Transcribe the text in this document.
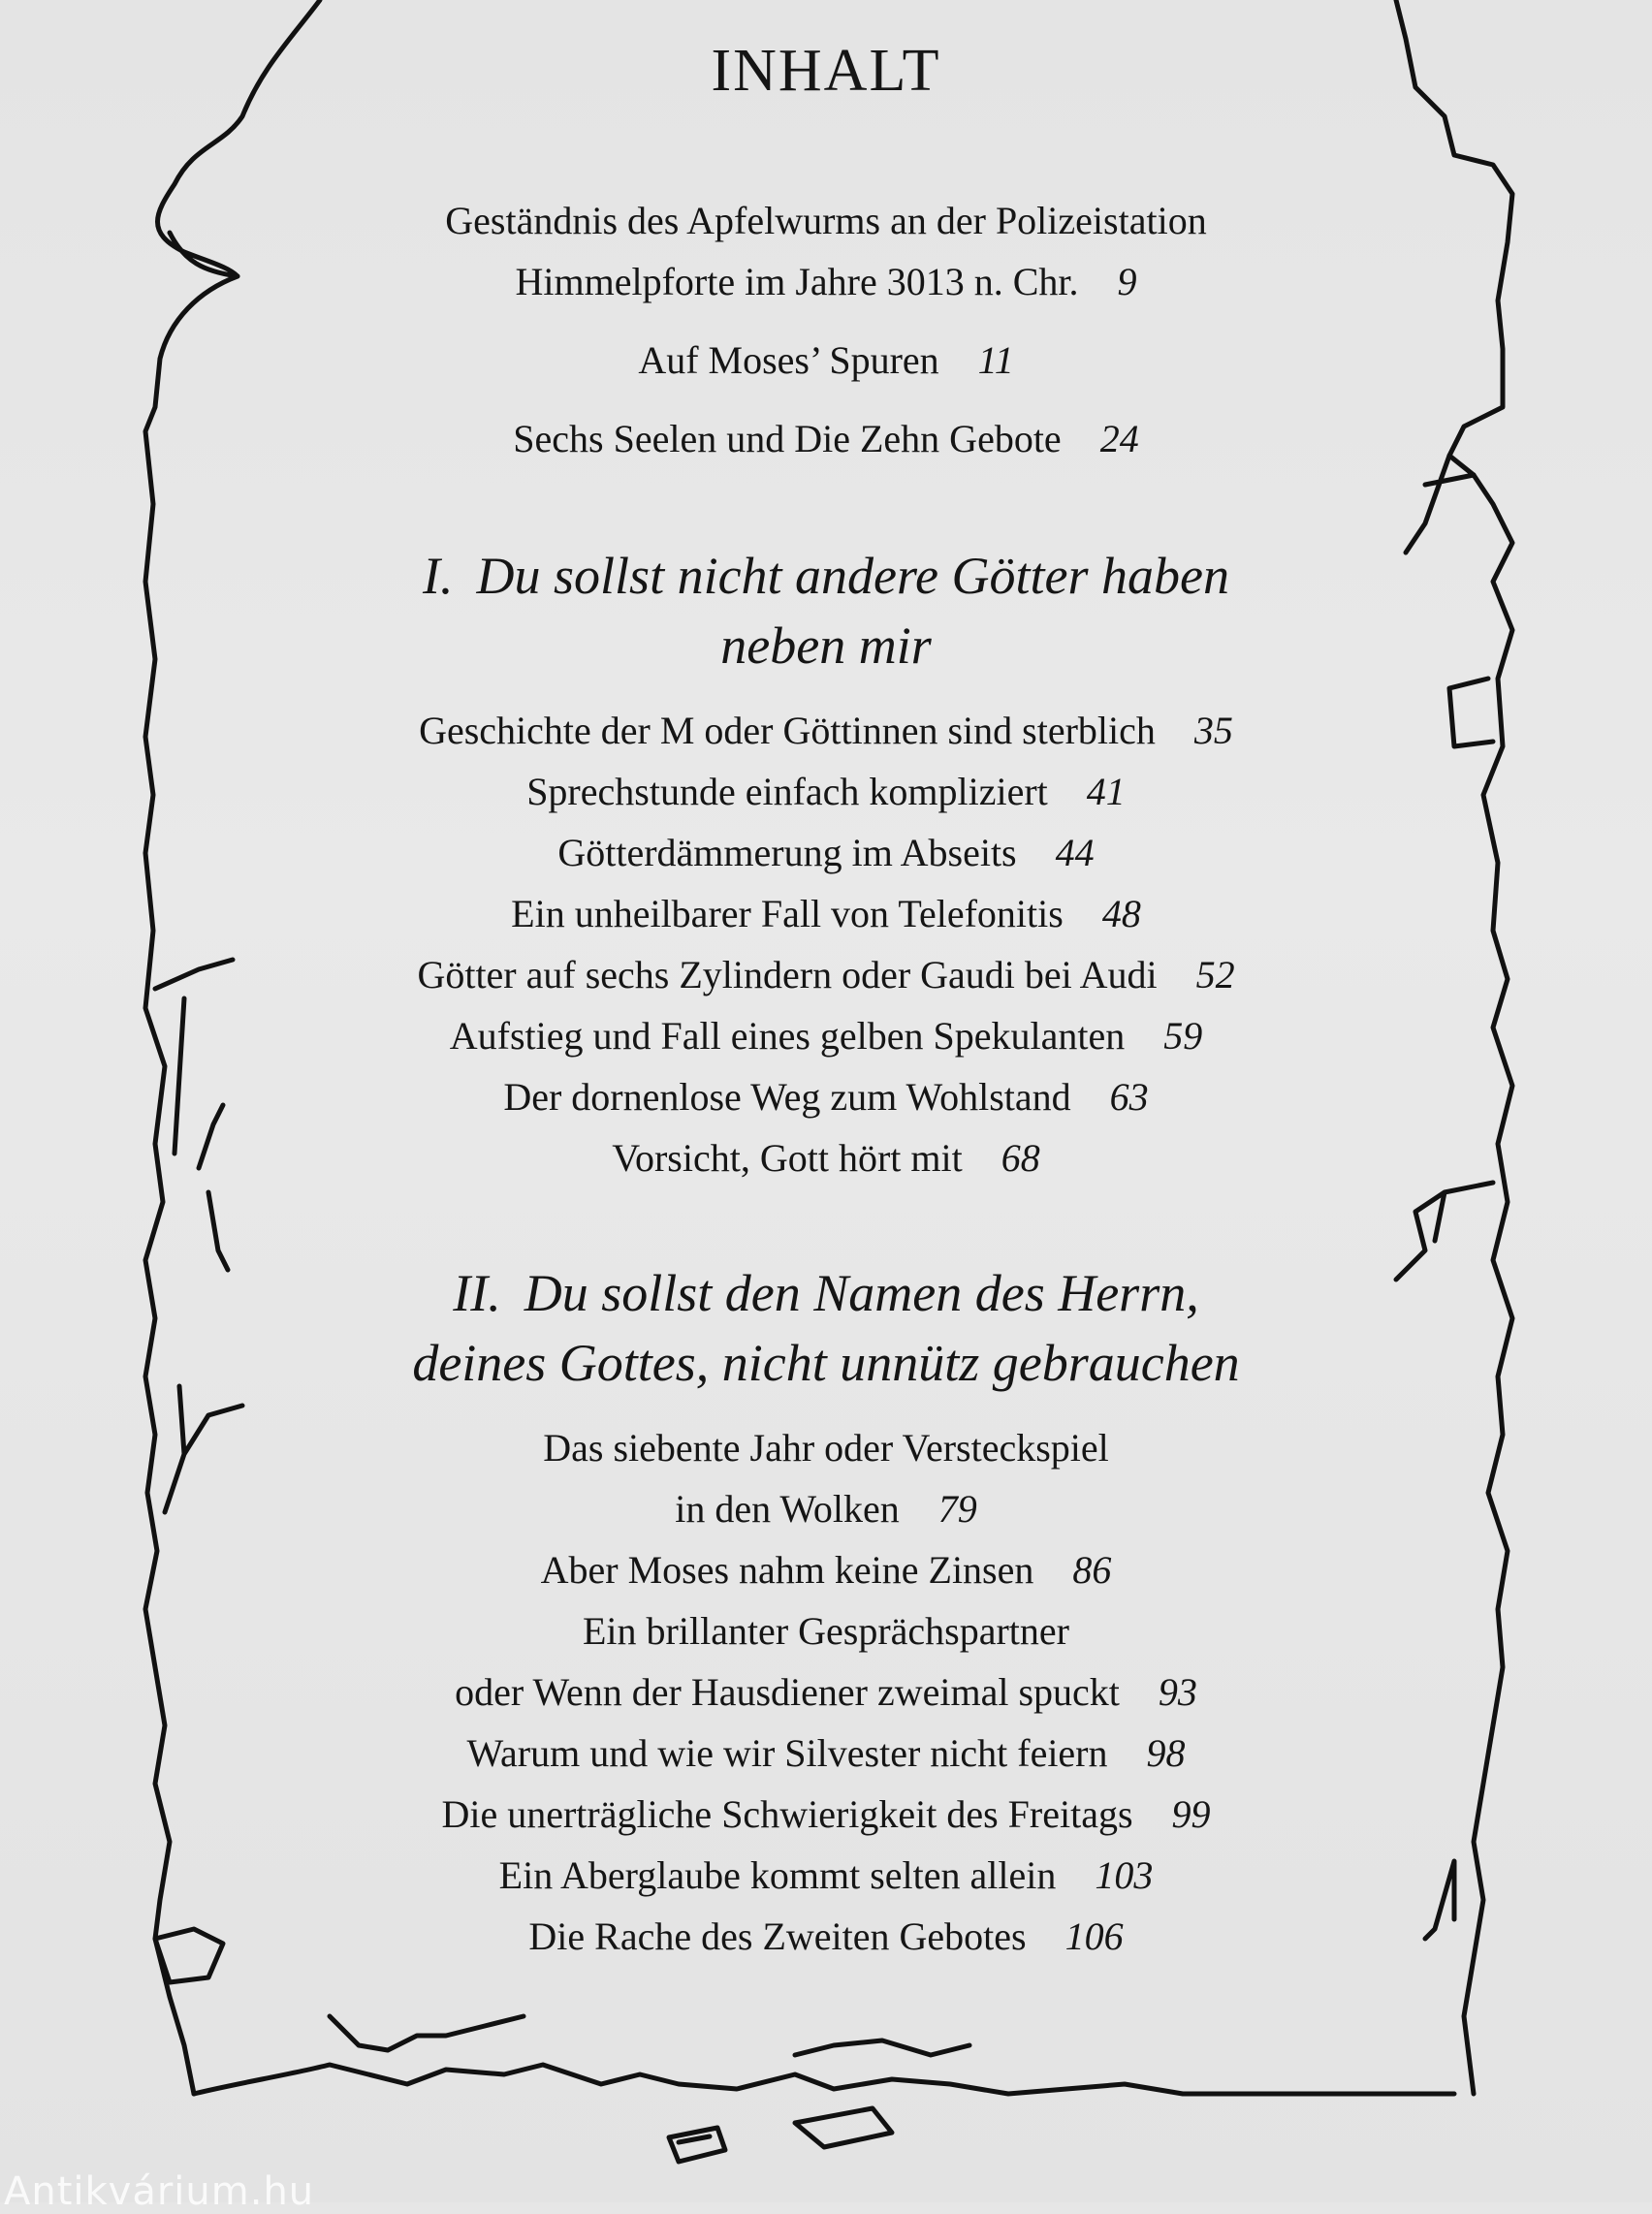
INHALT
Geständnis des Apfelwurms an der Polizeistation
Himmelpforte im Jahre 3013 n. Chr. 9
Auf Moses’ Spuren 11
Sechs Seelen und Die Zehn Gebote 24
I. Du sollst nicht andere Götter haben
neben mir
Geschichte der M oder Göttinnen sind sterblich 35
Sprechstunde einfach kompliziert 41
Götterdämmerung im Abseits 44
Ein unheilbarer Fall von Telefonitis 48
Götter auf sechs Zylindern oder Gaudi bei Audi 52
Aufstieg und Fall eines gelben Spekulanten 59
Der dornenlose Weg zum Wohlstand 63
Vorsicht, Gott hört mit 68
II. Du sollst den Namen des Herrn,
deines Gottes, nicht unnütz gebrauchen
Das siebente Jahr oder Versteckspiel
in den Wolken 79
Aber Moses nahm keine Zinsen 86
Ein brillanter Gesprächspartner
oder Wenn der Hausdiener zweimal spuckt 93
Warum und wie wir Silvester nicht feiern 98
Die unerträgliche Schwierigkeit des Freitags 99
Ein Aberglaube kommt selten allein 103
Die Rache des Zweiten Gebotes 106
Antikvárium.hu
